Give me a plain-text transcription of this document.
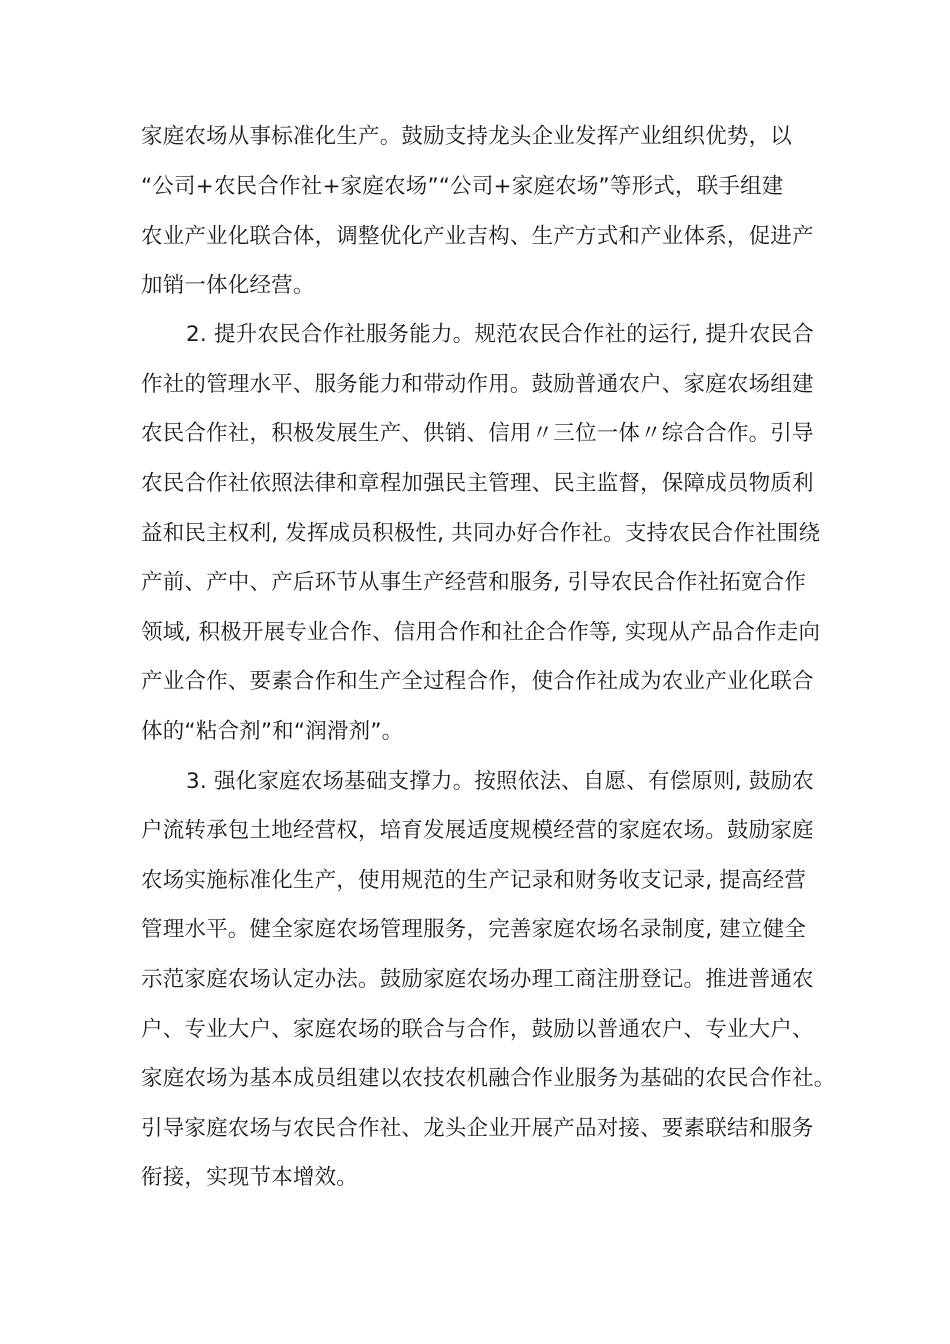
家庭农场从事标准化生产。鼓励支持龙头企业发挥产业组织优势，以
“公司+农民合作社+家庭农场”“公司+家庭农场”等形式，联手组建
农业产业化联合体，调整优化产业吉构、生产方式和产业体系，促进产
加销一体化经营。
2. 提升农民合作社服务能力。规范农民合作社的运行, 提升农民合
作社的管理水平、服务能力和带动作用。鼓励普通农户、家庭农场组建
农民合作社，积极发展生产、供销、信用〃三位一体〃综合合作。引导
农民合作社依照法律和章程加强民主管理、民主监督，保障成员物质利
益和民主权利, 发挥成员积极性, 共同办好合作社。支持农民合作社围绕
产前、产中、产后环节从事生产经营和服务, 引导农民合作社拓宽合作
领域, 积极开展专业合作、信用合作和社企合作等, 实现从产品合作走向
产业合作、要素合作和生产全过程合作，使合作社成为农业产业化联合
体的“粘合剂”和“润滑剂”。
3. 强化家庭农场基础支撑力。按照依法、自愿、有偿原则, 鼓励农
户流转承包土地经营权，培育发展适度规模经营的家庭农场。鼓励家庭
农场实施标准化生产，使用规范的生产记录和财务收支记录, 提高经营
管理水平。健全家庭农场管理服务，完善家庭农场名录制度, 建立健全
示范家庭农场认定办法。鼓励家庭农场办理工商注册登记。推进普通农
户、专业大户、家庭农场的联合与合作，鼓励以普通农户、专业大户、
家庭农场为基本成员组建以农技农机融合作业服务为基础的农民合作社。
引导家庭农场与农民合作社、龙头企业开展产品对接、要素联结和服务
衔接，实现节本增效。
